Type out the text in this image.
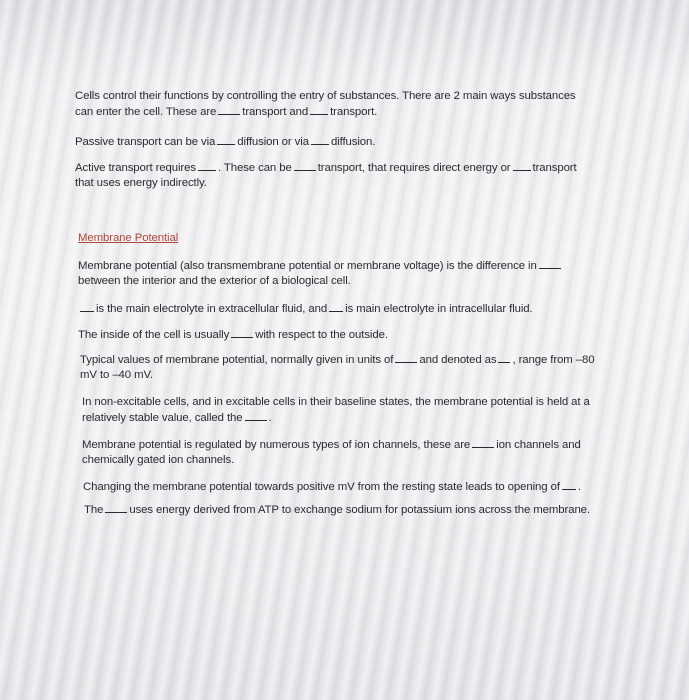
Cells control their functions by controlling the entry of substances. There are 2 main ways substances
can enter the cell. These are transport and transport.
Passive transport can be via diffusion or via diffusion.
Active transport requires . These can be transport, that requires direct energy or transport
that uses energy indirectly.
Membrane Potential
Membrane potential (also transmembrane potential or membrane voltage) is the difference in
between the interior and the exterior of a biological cell.
is the main electrolyte in extracellular fluid, and is main electrolyte in intracellular fluid.
The inside of the cell is usually with respect to the outside.
Typical values of membrane potential, normally given in units of and denoted as , range from –80
mV to –40 mV.
In non-excitable cells, and in excitable cells in their baseline states, the membrane potential is held at a
relatively stable value, called the .
Membrane potential is regulated by numerous types of ion channels, these are ion channels and
chemically gated ion channels.
Changing the membrane potential towards positive mV from the resting state leads to opening of .
The uses energy derived from ATP to exchange sodium for potassium ions across the membrane.
